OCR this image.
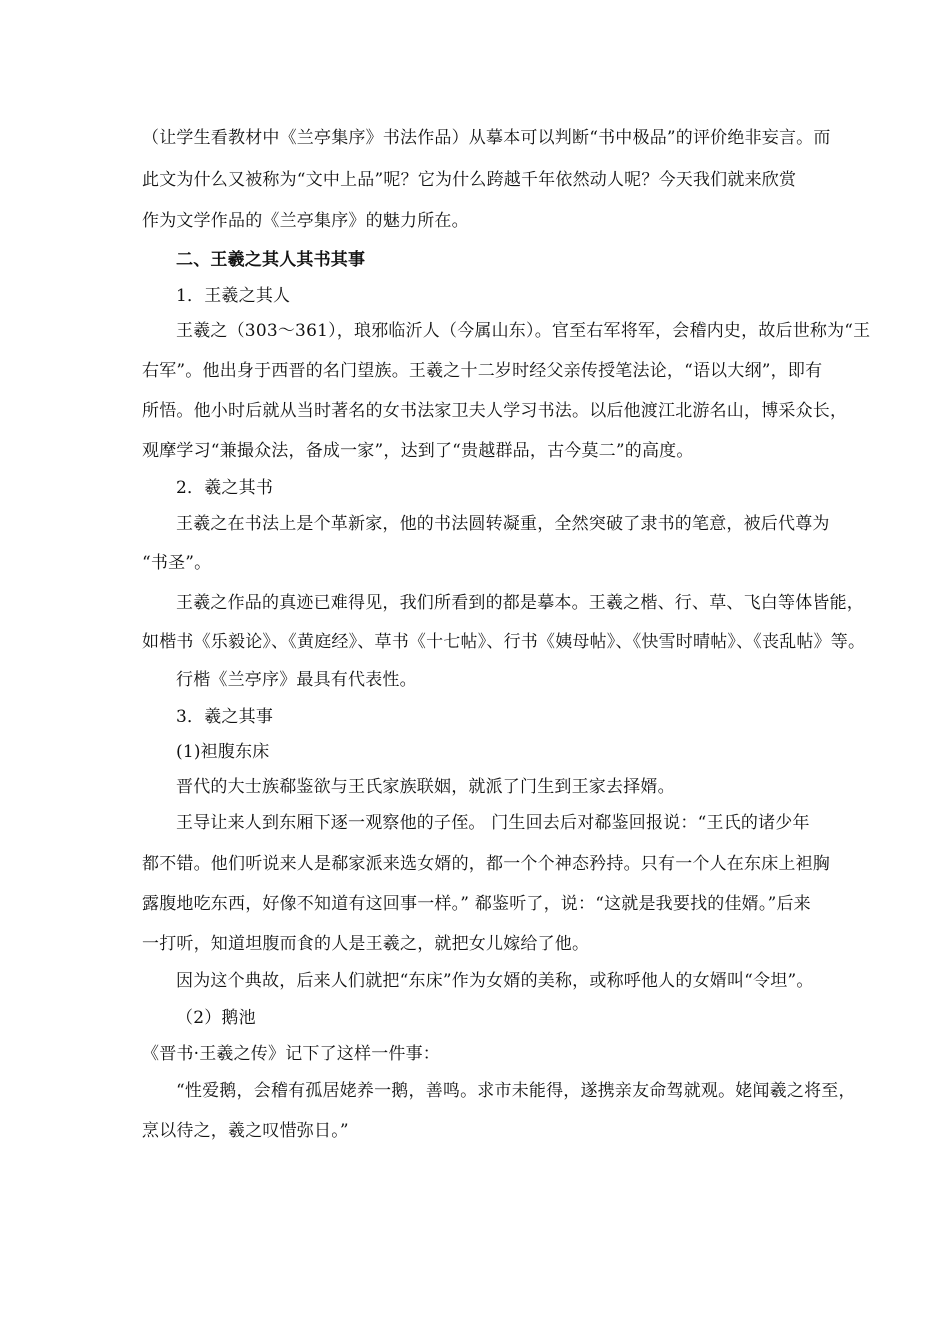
（让学生看教材中《兰亭集序》书法作品）从摹本可以判断“书中极品”的评价绝非妄言。而
此文为什么又被称为“文中上品”呢？它为什么跨越千年依然动人呢？今天我们就来欣赏
作为文学作品的《兰亭集序》的魅力所在。
二、王羲之其人其书其事
1．王羲之其人
王羲之（303～361），琅邪临沂人（今属山东）。官至右军将军，会稽内史，故后世称为“王
右军”。他出身于西晋的名门望族。王羲之十二岁时经父亲传授笔法论，“语以大纲”，即有
所悟。他小时后就从当时著名的女书法家卫夫人学习书法。以后他渡江北游名山，博采众长，
观摩学习“兼撮众法，备成一家”，达到了“贵越群品，古今莫二”的高度。
2．羲之其书
王羲之在书法上是个革新家，他的书法圆转凝重，全然突破了隶书的笔意，被后代尊为
“书圣”。
王羲之作品的真迹已难得见，我们所看到的都是摹本。王羲之楷、行、草、飞白等体皆能，
如楷书《乐毅论》、《黄庭经》、草书《十七帖》、行书《姨母帖》、《快雪时晴帖》、《丧乱帖》等。
行楷《兰亭序》最具有代表性。
3．羲之其事
(1)袒腹东床
晋代的大士族郗鉴欲与王氏家族联姻，就派了门生到王家去择婿。
王导让来人到东厢下逐一观察他的子侄。 门生回去后对郗鉴回报说：“王氏的诸少年
都不错。他们听说来人是郗家派来选女婿的，都一个个神态矜持。只有一个人在东床上袒胸
露腹地吃东西，好像不知道有这回事一样。” 郗鉴听了，说：“这就是我要找的佳婿。”后来
一打听，知道坦腹而食的人是王羲之，就把女儿嫁给了他。
因为这个典故，后来人们就把“东床”作为女婿的美称，或称呼他人的女婿叫“令坦”。
（2）鹅池
《晋书·王羲之传》记下了这样一件事：
“性爱鹅，会稽有孤居姥养一鹅，善鸣。求市未能得，遂携亲友命驾就观。姥闻羲之将至，
烹以待之，羲之叹惜弥日。”
